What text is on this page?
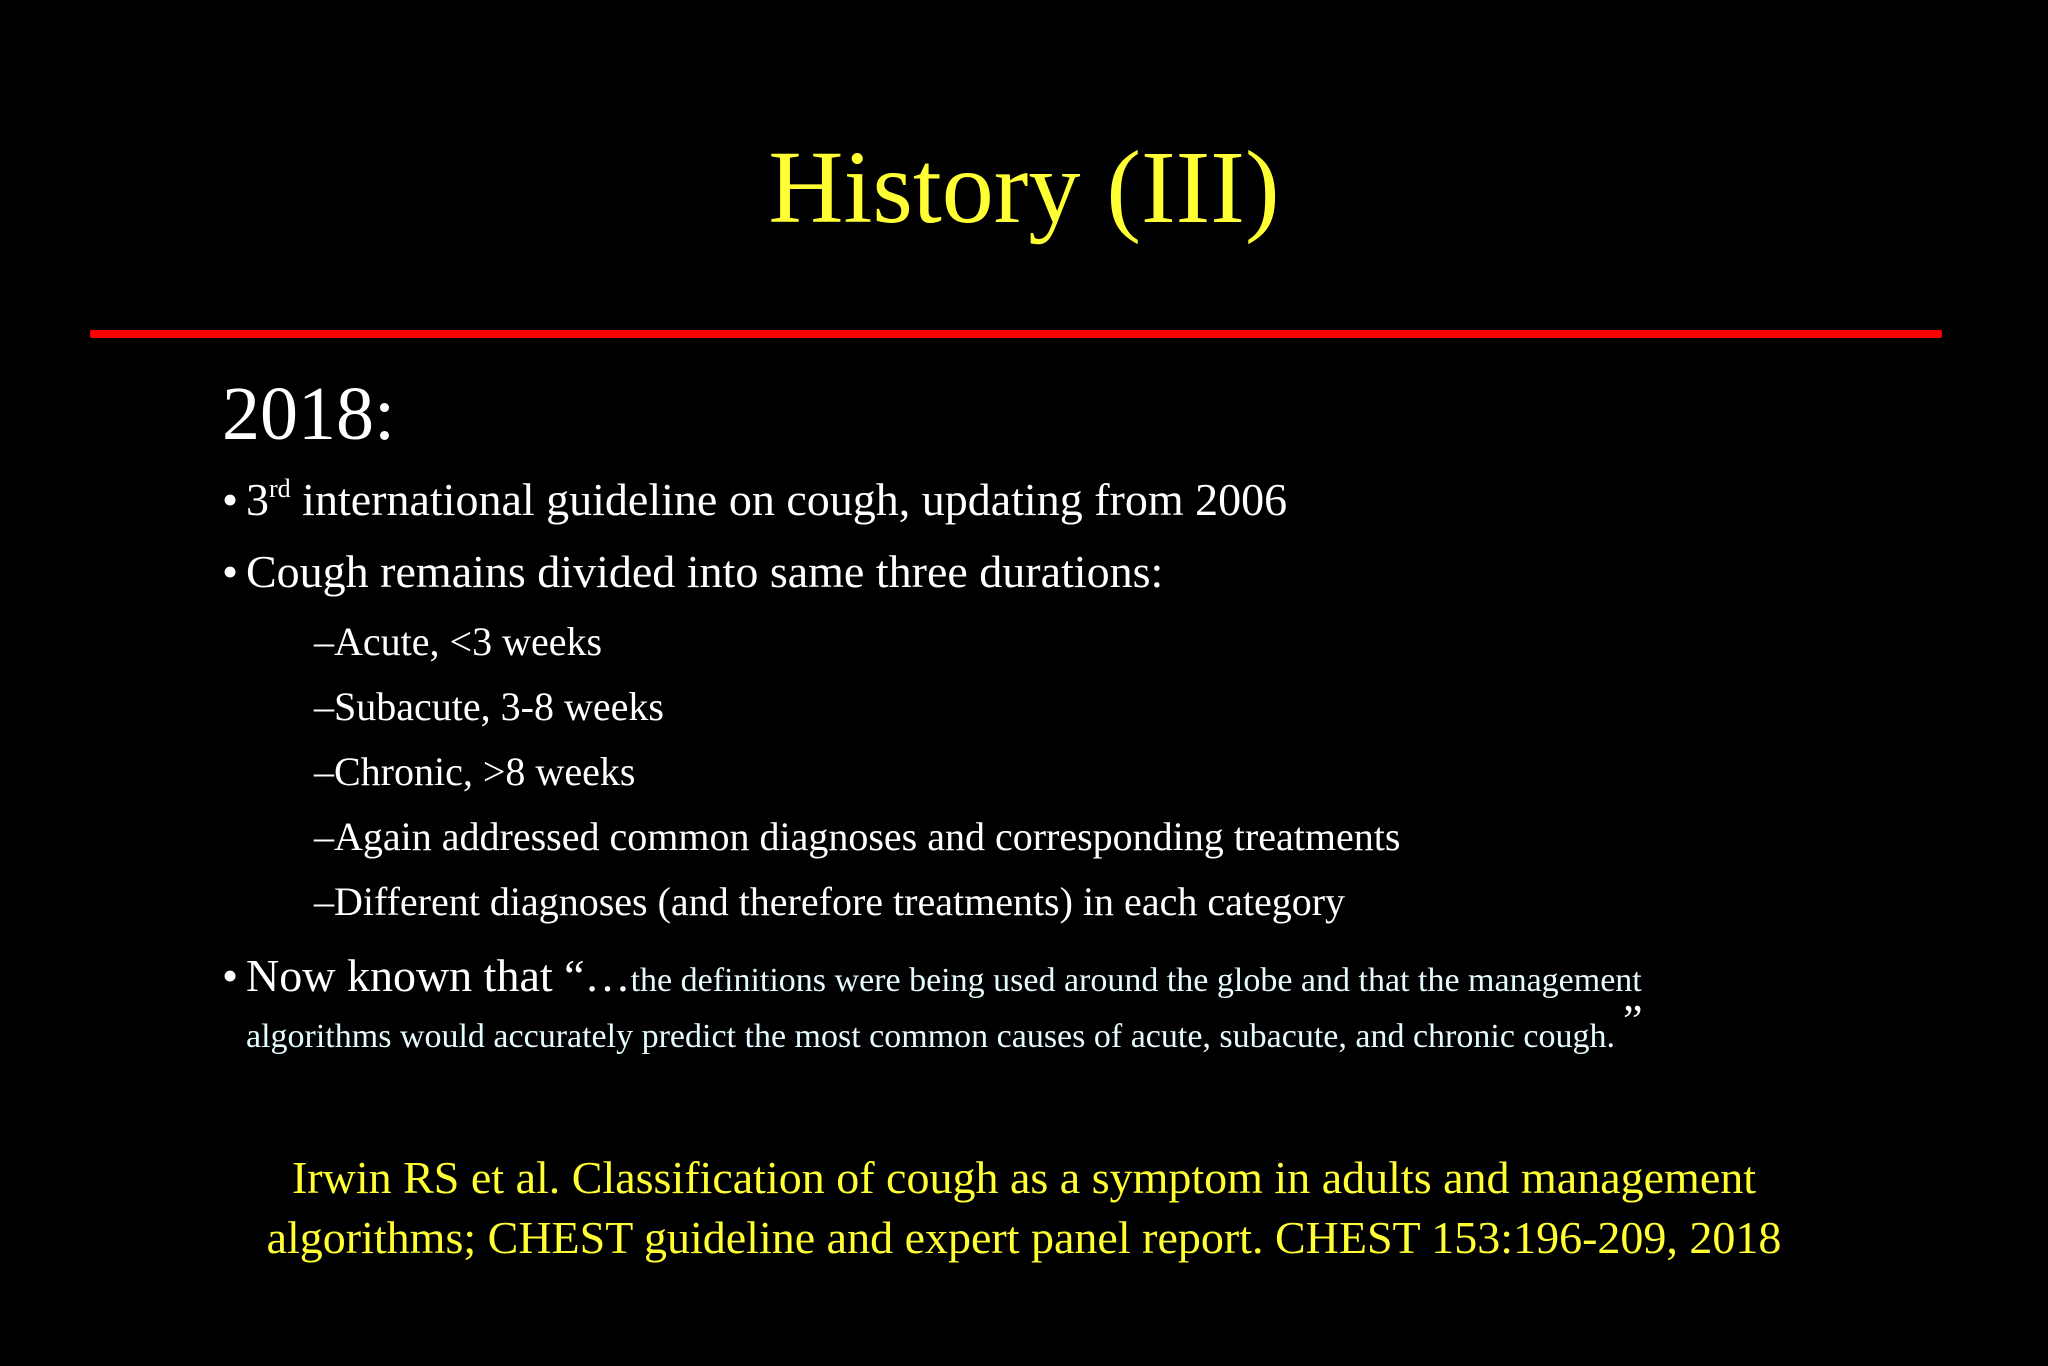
History (III)
2018:
• 3rd international guideline on cough, updating from 2006
• Cough remains divided into same three durations:
–Acute, <3 weeks
–Subacute, 3-8 weeks
–Chronic, >8 weeks
–Again addressed common diagnoses and corresponding treatments
–Different diagnoses (and therefore treatments) in each category
• Now known that “…the definitions were being used around the globe and that the management
algorithms would accurately predict the most common causes of acute, subacute, and chronic cough. ”
Irwin RS et al. Classification of cough as a symptom in adults and management
algorithms; CHEST guideline and expert panel report. CHEST 153:196-209, 2018
